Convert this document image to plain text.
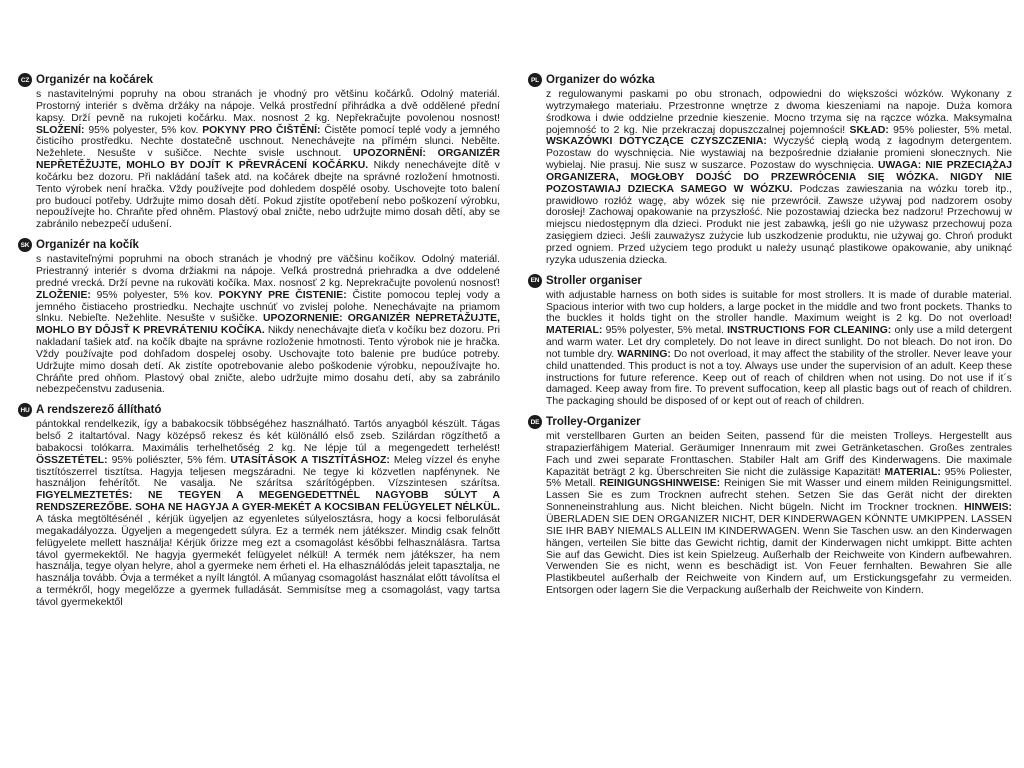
CZ Organizér na kočárek

s nastavitelnými popruhy na obou stranách je vhodný pro většinu kočárků. Odolný materiál. Prostorný interiér s dvěma držáky na nápoje. Velká prostřední přihrádka a dvě oddělené přední kapsy. Drží pevně na rukojeti kočárku. Max. nosnost 2 kg. Nepřekračujte povolenou nosnost! SLOŽENÍ: 95% polyester, 5% kov. POKYNY PRO ČIŠTĚNÍ: Čistěte pomocí teplé vody a jemného čisticího prostředku. Nechte dostatečně uschnout. Nenechávejte na přímém slunci. Nebělte. Nežehlete. Nesušte v sušičce. Nechte svisle uschnout. UPOZORNĚNÍ: ORGANIZÉR NEPŘETĚŽUJTE, MOHLO BY DOJÍT K PŘEVRÁCENÍ KOČÁRKU. Nikdy nenechávejte dítě v kočárku bez dozoru. Při nakládání tašek atd. na kočárek dbejte na správné rozložení hmotnosti. Tento výrobek není hračka. Vždy používejte pod dohledem dospělé osoby. Uschovejte toto balení pro budoucí potřeby. Udržujte mimo dosah dětí. Pokud zjistíte opotřebení nebo poškození výrobku, nepoužívejte ho. Chraňte před ohněm. Plastový obal zničte, nebo udržujte mimo dosah dětí, aby se zabránilo nebezpečí udušení.

SK Organizér na kočík

s nastaviteľnými popruhmi na oboch stranách je vhodný pre väčšinu kočíkov. Odolný materiál. Priestranný interiér s dvoma držiakmi na nápoje. Veľká prostredná priehradka a dve oddelené predné vrecká. Drží pevne na rukoväti kočíka. Max. nosnosť 2 kg. Neprekračujte povolenú nosnosť! ZLOŽENIE: 95% polyester, 5% kov. POKYNY PRE ČISTENIE: Čistite pomocou teplej vody a jemného čistiaceho prostriedku. Nechajte uschnúť vo zvislej polohe. Nenechávajte na priamom slnku. Nebieľte. Nežehlite. Nesušte v sušičke. UPOZORNENIE: ORGANIZÉR NEPRETAŽUJTE, MOHLO BY DÔJSŤ K PREVRÁTENIU KOČÍKA. Nikdy nenechávajte dieťa v kočíku bez dozoru. Pri nakladaní tašiek atď. na kočík dbajte na správne rozloženie hmotnosti. Tento výrobok nie je hračka. Vždy používajte pod dohľadom dospelej osoby. Uschovajte toto balenie pre budúce potreby. Udržujte mimo dosah detí. Ak zistíte opotrebovanie alebo poškodenie výrobku, nepoužívajte ho. Chráňte pred ohňom. Plastový obal zničte, alebo udržujte mimo dosahu detí, aby sa zabránilo nebezpečenstvu zadusenia.

HU A rendszerező állítható

pántokkal rendelkezik, így a babakocsik többségéhez használható. Tartós anyagból készült. Tágas belső 2 italtartóval. Nagy középső rekesz és két különálló első zseb. Szilárdan rögzíthető a babakocsi tolókarra. Maximális terhelhetőség 2 kg. Ne lépje túl a megengedett terhelést! ÖSSZETÉTEL: 95% poliészter, 5% fém. UTASÍTÁSOK A TISZTÍTÁSHOZ: Meleg vízzel és enyhe tisztítószerrel tisztítsa. Hagyja teljesen megszáradni. Ne tegye ki közvetlen napfénynek. Ne használjon fehérítőt. Ne vasalja. Ne szárítsa szárítógépben. Vízszintesen szárítsa. FIGYELMEZTETÉS: NE TEGYEN A MEGENGEDETTNÉL NAGYOBB SÚLYT A RENDSZEREZŐBE. SOHA NE HAGYJA A GYER-MEKÉT A KOCSIBAN FELÜGYELET NÉLKÜL. A táska megtöltésénél , kérjük ügyeljen az egyenletes súlyelosztásra, hogy a kocsi felborulását megakadályozza. Ügyeljen a megengedett súlyra. Ez a termék nem játékszer. Mindig csak felnőtt felügyelete mellett használja! Kérjük őrizze meg ezt a csomagolást későbbi felhasználásra. Tartsa távol gyermekektől. Ne hagyja gyermekét felügyelet nélkül! A termék nem játékszer, ha nem használja, tegye olyan helyre, ahol a gyermeke nem érheti el. Ha elhasználódás jeleit tapasztalja, ne használja tovább. Óvja a terméket a nyílt lángtól. A műanyag csomagolást használat előtt távolítsa el a termékről, hogy megelőzze a gyermek fulladását. Semmisítse meg a csomagolást, vagy tartsa távol gyermekektől

PL Organizer do wózka

z regulowanymi paskami po obu stronach, odpowiedni do większości wózków. Wykonany z wytrzymałego materiału. Przestronne wnętrze z dwoma kieszeniami na napoje. Duża komora środkowa i dwie oddzielne przednie kieszenie. Mocno trzyma się na rączce wózka. Maksymalna pojemność to 2 kg. Nie przekraczaj dopuszczalnej pojemności! SKŁAD: 95% poliester, 5% metal. WSKAZÓWKI DOTYCZĄCE CZYSZCZENIA: Wyczyść ciepłą wodą z łagodnym detergentem. Pozostaw do wyschnięcia. Nie wystawiaj na bezpośrednie działanie promieni słonecznych. Nie wybielaj. Nie prasuj. Nie susz w suszarce. Pozostaw do wyschnięcia. UWAGA: NIE PRZECIĄŻAJ ORGANIZERA, MOGŁOBY DOJŚĆ DO PRZEWRÓCENIA SIĘ WÓZKA. NIGDY NIE POZOSTAWIAJ DZIECKA SAMEGO W WÓZKU. Podczas zawieszania na wózku toreb itp., prawidłowo rozłóż wagę, aby wózek się nie przewrócił. Zawsze używaj pod nadzorem osoby dorosłej! Zachowaj opakowanie na przyszłość. Nie pozostawiaj dziecka bez nadzoru! Przechowuj w miejscu niedostępnym dla dzieci. Produkt nie jest zabawką, jeśli go nie używasz przechowuj poza zasięgiem dzieci. Jeśli zauważysz zużycie lub uszkodzenie produktu, nie używaj go. Chroń produkt przed ogniem. Przed użyciem tego produkt u należy usunąć plastikowe opakowanie, aby uniknąć ryzyka uduszenia dziecka.

EN Stroller organiser

with adjustable harness on both sides is suitable for most strollers. It is made of durable material. Spacious interior with two cup holders, a large pocket in the middle and two front pockets. Thanks to the buckles it holds tight on the stroller handle. Maximum weight is 2 kg. Do not overload! MATERIAL: 95% polyester, 5% metal. INSTRUCTIONS FOR CLEANING: only use a mild detergent and warm water. Let dry completely. Do not leave in direct sunlight. Do not bleach. Do not iron. Do not tumble dry. WARNING: Do not overload, it may affect the stability of the stroller. Never leave your child unattended. This product is not a toy. Always use under the supervision of an adult. Keep these instructions for future reference. Keep out of reach of children when not using. Do not use if it´s damaged. Keep away from fire. To prevent suffocation, keep all plastic bags out of reach of children. The packaging should be disposed of or kept out of reach of children.

DE Trolley-Organizer

mit verstellbaren Gurten an beiden Seiten, passend für die meisten Trolleys. Hergestellt aus strapazierfähigem Material. Geräumiger Innenraum mit zwei Getränketaschen. Großes zentrales Fach und zwei separate Fronttaschen. Stabiler Halt am Griff des Kinderwagens. Die maximale Kapazität beträgt 2 kg. Überschreiten Sie nicht die zulässige Kapazität! MATERIAL: 95% Poliester, 5% Metall. REINIGUNGSHINWEISE: Reinigen Sie mit Wasser und einem milden Reinigungsmittel. Lassen Sie es zum Trocknen aufrecht stehen. Setzen Sie das Gerät nicht der direkten Sonneneinstrahlung aus. Nicht bleichen. Nicht bügeln. Nicht im Trockner trocknen. HINWEIS: ÜBERLADEN SIE DEN ORGANIZER NICHT, DER KINDERWAGEN KÖNNTE UMKIPPEN. LASSEN SIE IHR BABY NIEMALS ALLEIN IM KINDERWAGEN. Wenn Sie Taschen usw. an den Kinderwagen hängen, verteilen Sie bitte das Gewicht richtig, damit der Kinderwagen nicht umkippt. Bitte achten Sie auf das Gewicht. Dies ist kein Spielzeug. Außerhalb der Reichweite von Kindern aufbewahren. Verwenden Sie es nicht, wenn es beschädigt ist. Von Feuer fernhalten. Bewahren Sie alle Plastikbeutel außerhalb der Reichweite von Kindern auf, um Erstickungsgefahr zu vermeiden. Entsorgen oder lagern Sie die Verpackung außerhalb der Reichweite von Kindern.
